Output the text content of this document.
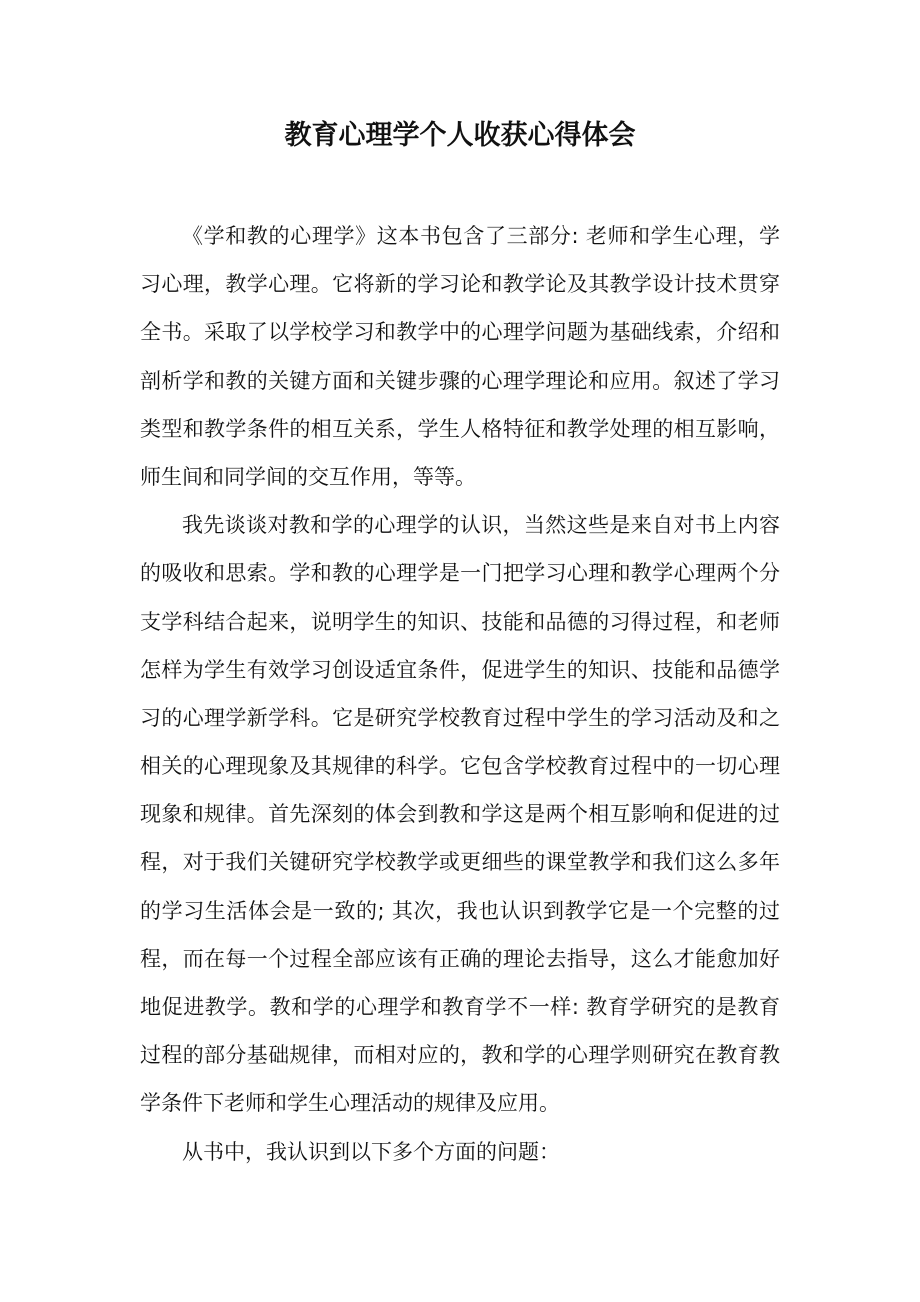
教育心理学个人收获心得体会
《学和教的心理学》这本书包含了三部分: 老师和学生心理，学
习心理，教学心理。它将新的学习论和教学论及其教学设计技术贯穿
全书。采取了以学校学习和教学中的心理学问题为基础线索，介绍和
剖析学和教的关键方面和关键步骤的心理学理论和应用。叙述了学习
类型和教学条件的相互关系，学生人格特征和教学处理的相互影响，
师生间和同学间的交互作用，等等。
我先谈谈对教和学的心理学的认识，当然这些是来自对书上内容
的吸收和思索。学和教的心理学是一门把学习心理和教学心理两个分
支学科结合起来，说明学生的知识、技能和品德的习得过程，和老师
怎样为学生有效学习创设适宜条件，促进学生的知识、技能和品德学
习的心理学新学科。它是研究学校教育过程中学生的学习活动及和之
相关的心理现象及其规律的科学。它包含学校教育过程中的一切心理
现象和规律。首先深刻的体会到教和学这是两个相互影响和促进的过
程，对于我们关键研究学校教学或更细些的课堂教学和我们这么多年
的学习生活体会是一致的; 其次，我也认识到教学它是一个完整的过
程，而在每一个过程全部应该有正确的理论去指导，这么才能愈加好
地促进教学。教和学的心理学和教育学不一样: 教育学研究的是教育
过程的部分基础规律，而相对应的，教和学的心理学则研究在教育教
学条件下老师和学生心理活动的规律及应用。
从书中，我认识到以下多个方面的问题：
